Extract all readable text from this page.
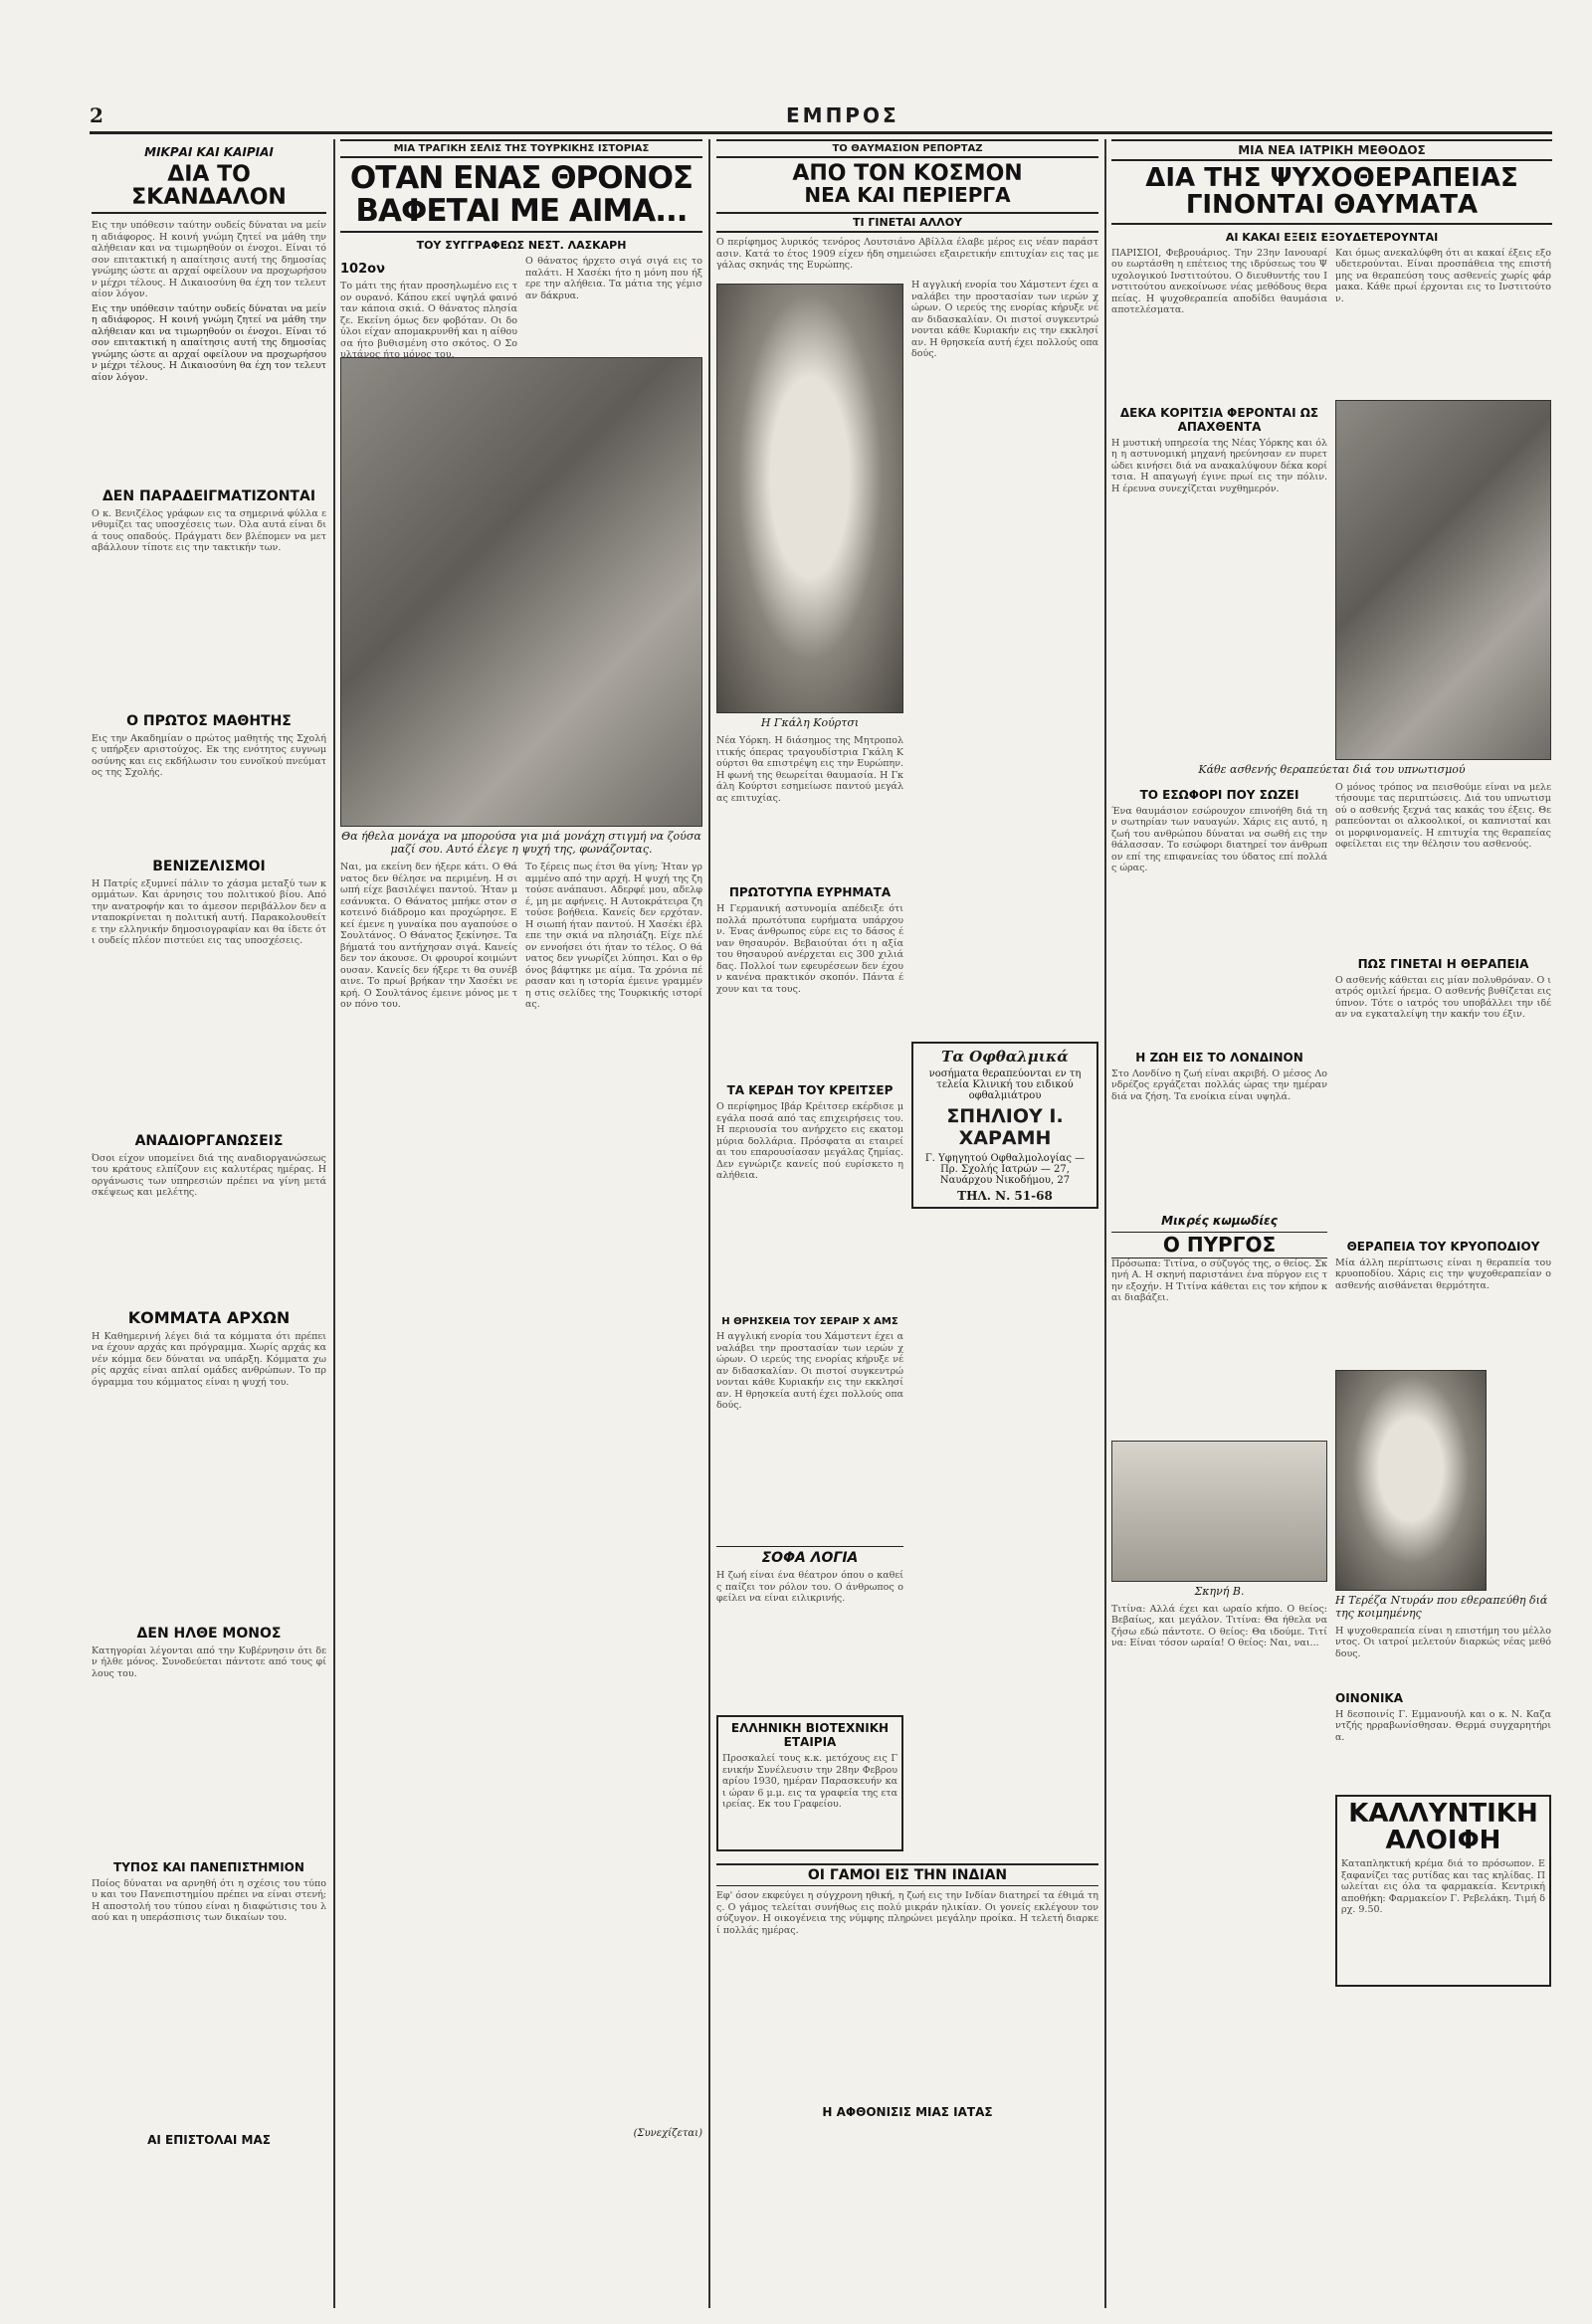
2	ΕΜΠΡΟΣ
ΜΙΚΡΑΙ ΚΑΙ ΚΑΙΡΙΑΙ
ΔΙΑ ΤΟ ΣΚΑΝΔΑΛΟΝ

Εις την υπόθεσιν ταύτην ουδείς δύναται να μείνη αδιάφορος. Η κοινή γνώμη ζητεί να μάθη την αλήθειαν και να τιμωρηθούν οι ένοχοι. Είναι τόσον επιτακτική η απαίτησις αυτή της δημοσίας γνώμης ώστε αι αρχαί οφείλουν να προχωρήσουν μέχρι τέλους. Η Δικαιοσύνη θα έχη τον τελευταίον λόγον.

Εις την υπόθεσιν ταύτην ουδείς δύναται να μείνη αδιάφορος. Η κοινή γνώμη ζητεί να μάθη την αλήθειαν και να τιμωρηθούν οι ένοχοι. Είναι τόσον επιτακτική η απαίτησις αυτή της δημοσίας γνώμης ώστε αι αρχαί οφείλουν να προχωρήσουν μέχρι τέλους. Η Δικαιοσύνη θα έχη τον τελευταίον λόγον.

ΔΕΝ ΠΑΡΑΔΕΙΓΜΑΤΙΖΟΝΤΑΙ

Ο κ. Βενιζέλος γράφων εις τα σημερινά φύλλα ενθυμίζει τας υποσχέσεις των. Όλα αυτά είναι διά τους οπαδούς. Πράγματι δεν βλέπομεν να μεταβάλλουν τίποτε εις την τακτικήν των.

Ο ΠΡΩΤΟΣ ΜΑΘΗΤΗΣ

Εις την Ακαδημίαν ο πρώτος μαθητής της Σχολής υπήρξεν αριστούχος. Εκ της ενότητος ευγνωμοσύνης και εις εκδήλωσιν του ευνοϊκού πνεύματος της Σχολής.

ΒΕΝΙΖΕΛΙΣΜΟΙ

Η Πατρίς εξυμνεί πάλιν το χάσμα μεταξύ των κομμάτων. Και άρνησις του πολιτικού βίου. Από την ανατροφήν και το άμεσον περιβάλλον δεν ανταποκρίνεται η πολιτική αυτή. Παρακολουθείτε την ελληνικήν δημοσιογραφίαν και θα ίδετε ότι ουδείς πλέον πιστεύει εις τας υποσχέσεις.

ΑΝΑΔΙΟΡΓΑΝΩΣΕΙΣ

Όσοι είχον υπομείνει διά της αναδιοργανώσεως του κράτους ελπίζουν εις καλυτέρας ημέρας. Η οργάνωσις των υπηρεσιών πρέπει να γίνη μετά σκέψεως και μελέτης.

ΚΟΜΜΑΤΑ ΑΡΧΩΝ

Η Καθημερινή λέγει διά τα κόμματα ότι πρέπει να έχουν αρχάς και πρόγραμμα. Χωρίς αρχάς κανέν κόμμα δεν δύναται να υπάρξη. Κόμματα χωρίς αρχάς είναι απλαί ομάδες ανθρώπων. Το πρόγραμμα του κόμματος είναι η ψυχή του.

ΔΕΝ ΗΛΘΕ ΜΟΝΟΣ

Κατηγορίαι λέγονται από την Κυβέρνησιν ότι δεν ήλθε μόνος. Συνοδεύεται πάντοτε από τους φίλους του.

ΤΥΠΟΣ ΚΑΙ ΠΑΝΕΠΙΣΤΗΜΙΟΝ

Ποίος δύναται να αρνηθή ότι η σχέσις του τύπου και του Πανεπιστημίου πρέπει να είναι στενή; Η αποστολή του τύπου είναι η διαφώτισις του λαού και η υπεράσπισις των δικαίων του.

ΑΙ ΕΠΙΣΤΟΛΑΙ ΜΑΣ
ΜΙΑ ΤΡΑΓΙΚΗ ΣΕΛΙΣ ΤΗΣ ΤΟΥΡΚΙΚΗΣ ΙΣΤΟΡΙΑΣ
ΟΤΑΝ ΕΝΑΣ ΘΡΟΝΟΣ
ΒΑΦΕΤΑΙ ΜΕ ΑΙΜΑ...
ΤΟΥ ΣΥΓΓΡΑΦΕΩΣ ΝΕΣΤ. ΛΑΣΚΑΡΗ
102ον

Το μάτι της ήταν προσηλωμένο εις τον ουρανό. Κάπου εκεί υψηλά φαινόταν κάποια σκιά. Ο θάνατος πλησίαζε. Εκείνη όμως δεν φοβόταν. Οι δούλοι είχαν απομακρυνθή και η αίθουσα ήτο βυθισμένη στο σκότος. Ο Σουλτάνος ήτο μόνος του.

Ο θάνατος ήρχετο σιγά σιγά εις το παλάτι. Η Χασέκι ήτο η μόνη που ήξερε την αλήθεια. Τα μάτια της γέμισαν δάκρυα.

Θα ήθελα μονάχα να μπορούσα για μιά μονάχη στιγμή να ζούσα μαζί σου. Αυτό έλεγε η ψυχή της, φωνάζοντας.

Ναι, μα εκείνη δεν ήξερε κάτι. Ο Θάνατος δεν θέλησε να περιμένη. Η σιωπή είχε βασιλέψει παντού. Ήταν μεσάνυκτα. Ο Θάνατος μπήκε στον σκοτεινό διάδρομο και προχώρησε. Εκεί έμενε η γυναίκα που αγαπούσε ο Σουλτάνος. Ο Θάνατος ξεκίνησε. Τα βήματά του αντήχησαν σιγά. Κανείς δεν τον άκουσε. Οι φρουροί κοιμώντουσαν. Κανείς δεν ήξερε τι θα συνέβαινε. Το πρωί βρήκαν την Χασέκι νεκρή. Ο Σουλτάνος έμεινε μόνος με τον πόνο του.

Το ξέρεις πως έτσι θα γίνη; Ήταν γραμμένο από την αρχή. Η ψυχή της ζητούσε ανάπαυσι. Αδερφέ μου, αδελφέ, μη με αφήνεις. Η Αυτοκράτειρα ζητούσε βοήθεια. Κανείς δεν ερχόταν. Η σιωπή ήταν παντού. Η Χασέκι έβλεπε την σκιά να πλησιάζη. Είχε πλέον εννοήσει ότι ήταν το τέλος. Ο θάνατος δεν γνωρίζει λύπησι. Και ο θρόνος βάφτηκε με αίμα. Τα χρόνια πέρασαν και η ιστορία έμεινε γραμμένη στις σελίδες της Τουρκικής ιστορίας.

(Συνεχίζεται)
ΤΟ ΘΑΥΜΑΣΙΟΝ ΡΕΠΟΡΤΑΖ
ΑΠΟ ΤΟΝ ΚΟΣΜΟΝ
ΝΕΑ ΚΑΙ ΠΕΡΙΕΡΓΑ
ΤΙ ΓΙΝΕΤΑΙ ΑΛΛΟΥ

Ο περίφημος λυρικός τενόρος Λουτσιάνο Αβίλλα έλαβε μέρος εις νέαν παράστασιν. Κατά το έτος 1909 είχεν ήδη σημειώσει εξαιρετικήν επιτυχίαν εις τας μεγάλας σκηνάς της Ευρώπης.

Η Γκάλη Κούρτσι

Νέα Υόρκη. Η διάσημος της Μητροπολιτικής όπερας τραγουδίστρια Γκάλη Κούρτσι θα επιστρέψη εις την Ευρώπην. Η φωνή της θεωρείται θαυμασία. Η Γκάλη Κούρτσι εσημείωσε παντού μεγάλας επιτυχίας.

ΠΡΩΤΟΤΥΠΑ ΕΥΡΗΜΑΤΑ

Η Γερμανική αστυνομία απέδειξε ότι πολλά πρωτότυπα ευρήματα υπάρχουν. Ένας άνθρωπος εύρε εις το δάσος έναν θησαυρόν. Βεβαιούται ότι η αξία του θησαυρού ανέρχεται εις 300 χιλιάδας. Πολλοί των εφευρέσεων δεν έχουν κανένα πρακτικόν σκοπόν. Πάντα έχουν και τα τους.

ΤΑ ΚΕΡΔΗ ΤΟΥ ΚΡΕΙΤΣΕΡ

Ο περίφημος Ιβάρ Κρέιτσερ εκέρδισε μεγάλα ποσά από τας επιχειρήσεις του. Η περιουσία του ανήρχετο εις εκατομμύρια δολλάρια. Πρόσφατα αι εταιρείαι του επαρουσίασαν μεγάλας ζημίας. Δεν εγνώριζε κανείς πού ευρίσκετο η αλήθεια.

Η ΘΡΗΣΚΕΙΑ ΤΟΥ ΣΕΡΑΙΡ Χ ΑΜΣ

Η αγγλική ενορία του Χάμστεντ έχει αναλάβει την προστασίαν των ιερών χώρων. Ο ιερεύς της ενορίας κήρυξε νέαν διδασκαλίαν. Οι πιστοί συγκεντρώνονται κάθε Κυριακήν εις την εκκλησίαν. Η θρησκεία αυτή έχει πολλούς οπαδούς.

ΣΟΦΑ ΛΟΓΙΑ

Η ζωή είναι ένα θέατρον όπου ο καθείς παίζει τον ρόλον του. Ο άνθρωπος οφείλει να είναι ειλικρινής.

ΕΛΛΗΝΙΚΗ ΒΙΟΤΕΧΝΙΚΗ ΕΤΑΙΡΙΑ

Προσκαλεί τους κ.κ. μετόχους εις Γενικήν Συνέλευσιν την 28ην Φεβρουαρίου 1930, ημέραν Παρασκευήν και ώραν 6 μ.μ. εις τα γραφεία της εταιρείας. Εκ του Γραφείου.

Η αγγλική ενορία του Χάμστεντ έχει αναλάβει την προστασίαν των ιερών χώρων. Ο ιερεύς της ενορίας κήρυξε νέαν διδασκαλίαν. Οι πιστοί συγκεντρώνονται κάθε Κυριακήν εις την εκκλησίαν. Η θρησκεία αυτή έχει πολλούς οπαδούς.

Τα Οφθαλμικά
νοσήματα θεραπεύονται εν τη τελεία Κλινική του ειδικού οφθαλμιάτρου
ΣΠΗΛΙΟΥ Ι. ΧΑΡΑΜΗ
Γ. Υφηγητού Οφθαλμολογίας — Πρ. Σχολής Ιατρών — 27, Ναυάρχου Νικοδήμου, 27
ΤΗΛ. Ν. 51-68
ΟΙ ΓΑΜΟΙ ΕΙΣ ΤΗΝ ΙΝΔΙΑΝ

Εφ' όσον εκφεύγει η σύγχρονη ηθική, η ζωή εις την Ινδίαν διατηρεί τα έθιμά της. Ο γάμος τελείται συνήθως εις πολύ μικράν ηλικίαν. Οι γονείς εκλέγουν τον σύζυγον. Η οικογένεια της νύμφης πληρώνει μεγάλην προίκα. Η τελετή διαρκεί πολλάς ημέρας.

Η ΑΦΘΟΝΙΣΙΣ ΜΙΑΣ ΙΑΤΑΣ
ΜΙΑ ΝΕΑ ΙΑΤΡΙΚΗ ΜΕΘΟΔΟΣ
ΔΙΑ ΤΗΣ ΨΥΧΟΘΕΡΑΠΕΙΑΣ
ΓΙΝΟΝΤΑΙ ΘΑΥΜΑΤΑ
ΑΙ ΚΑΚΑΙ ΕΞΕΙΣ ΕΞΟΥΔΕΤΕΡΟΥΝΤΑΙ

ΠΑΡΙΣΙΟΙ, Φεβρουάριος. Την 23ην Ιανουαρίου εωρτάσθη η επέτειος της ιδρύσεως του Ψυχολογικού Ινστιτούτου. Ο διευθυντής του Ινστιτούτου ανεκοίνωσε νέας μεθόδους θεραπείας. Η ψυχοθεραπεία αποδίδει θαυμάσια αποτελέσματα.

Και όμως ανεκαλύφθη ότι αι κακαί έξεις εξουδετερούνται. Είναι προσπάθεια της επιστήμης να θεραπεύση τους ασθενείς χωρίς φάρμακα. Κάθε πρωί έρχονται εις το Ινστιτούτον.

ΔΕΚΑ ΚΟΡΙΤΣΙΑ ΦΕΡΟΝΤΑΙ ΩΣ ΑΠΑΧΘΕΝΤΑ

Η μυστική υπηρεσία της Νέας Υόρκης και όλη η αστυνομική μηχανή ηρεύνησαν εν πυρετώδει κινήσει διά να ανακαλύψουν δέκα κορίτσια. Η απαγωγή έγινε πρωί εις την πόλιν. Η έρευνα συνεχίζεται νυχθημερόν.

Κάθε ασθενής θεραπεύεται διά του υπνωτισμού
ΤΟ ΕΣΩΦΟΡΙ ΠΟΥ ΣΩΖΕΙ

Ένα θαυμάσιον εσώρουχον επινοήθη διά την σωτηρίαν των ναυαγών. Χάρις εις αυτό, η ζωή του ανθρώπου δύναται να σωθή εις την θάλασσαν. Το εσώφορι διατηρεί τον άνθρωπον επί της επιφανείας του ύδατος επί πολλάς ώρας.

Η ΖΩΗ ΕΙΣ ΤΟ ΛΟΝΔΙΝΟΝ

Στο Λονδίνο η ζωή είναι ακριβή. Ο μέσος Λονδρέζος εργάζεται πολλάς ώρας την ημέραν διά να ζήση. Τα ενοίκια είναι υψηλά.

Μικρές κωμωδίες
Ο ΠΥΡΓΟΣ

Πρόσωπα: Τιτίνα, ο σύζυγός της, ο θείος. Σκηνή Α. Η σκηνή παριστάνει ένα πύργον εις την εξοχήν. Η Τιτίνα κάθεται εις τον κήπον και διαβάζει.

Σκηνή Β.

Τιτίνα: Αλλά έχει και ωραίο κήπο. Ο θείος: Βεβαίως, και μεγάλον. Τιτίνα: Θα ήθελα να ζήσω εδώ πάντοτε. Ο θείος: Θα ιδούμε. Τιτίνα: Είναι τόσον ωραία! Ο θείος: Ναι, ναι...

Ο μόνος τρόπος να πεισθούμε είναι να μελετήσουμε τας περιπτώσεις. Διά του υπνωτισμού ο ασθενής ξεχνά τας κακάς του έξεις. Θεραπεύονται οι αλκοολικοί, οι καπνισταί και οι μορφινομανείς. Η επιτυχία της θεραπείας οφείλεται εις την θέλησιν του ασθενούς.

ΠΩΣ ΓΙΝΕΤΑΙ Η ΘΕΡΑΠΕΙΑ

Ο ασθενής κάθεται εις μίαν πολυθρόναν. Ο ιατρός ομιλεί ήρεμα. Ο ασθενής βυθίζεται εις ύπνον. Τότε ο ιατρός του υποβάλλει την ιδέαν να εγκαταλείψη την κακήν του έξιν.

ΘΕΡΑΠΕΙΑ ΤΟΥ ΚΡΥΟΠΟΔΙΟΥ

Μία άλλη περίπτωσις είναι η θεραπεία του κρυοποδίου. Χάρις εις την ψυχοθεραπείαν ο ασθενής αισθάνεται θερμότητα.

Η Τερέζα Ντυράν που εθεραπεύθη διά της κοιμημένης

Η ψυχοθεραπεία είναι η επιστήμη του μέλλοντος. Οι ιατροί μελετούν διαρκώς νέας μεθόδους.

ΟΙΝΟΝΙΚΑ

Η δεσποινίς Γ. Εμμανουήλ και ο κ. Ν. Καζαντζής ηρραβωνίσθησαν. Θερμά συγχαρητήρια.

ΚΑΛΛΥΝΤΙΚΗ
ΑΛΟΙΦΗ

Καταπληκτική κρέμα διά το πρόσωπον. Εξαφανίζει τας ρυτίδας και τας κηλίδας. Πωλείται εις όλα τα φαρμακεία. Κεντρική αποθήκη: Φαρμακείον Γ. Ρεβελάκη. Τιμή δρχ. 9.50.
